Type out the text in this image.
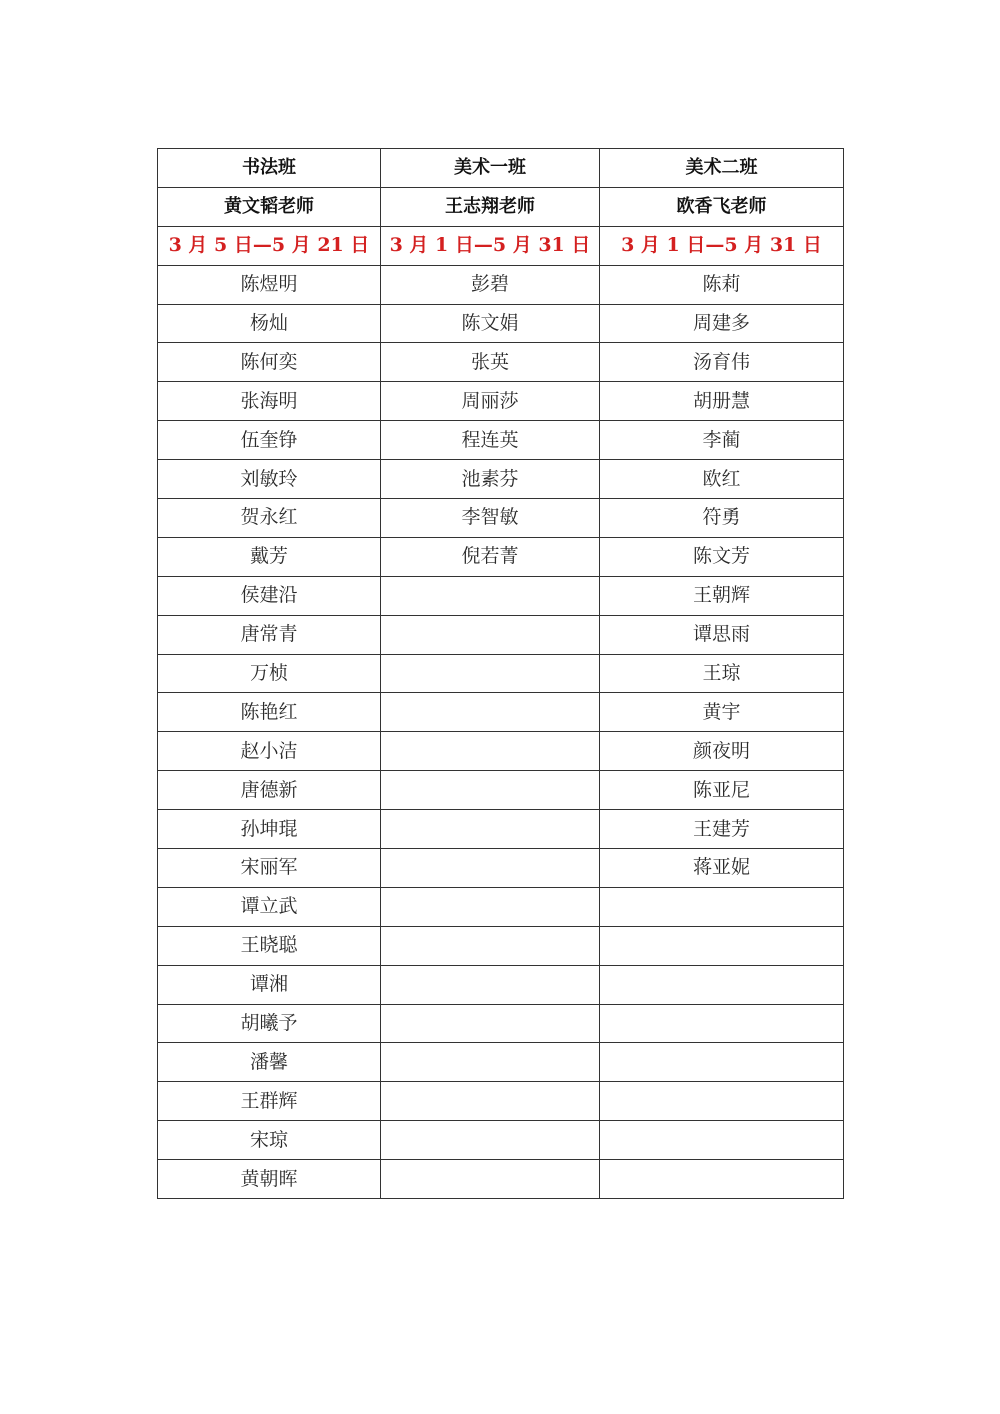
书法班	美术一班	美术二班
黄文韬老师	王志翔老师	欧香飞老师
3 月 5 日—5 月 21 日	3 月 1 日—5 月 31 日	3 月 1 日—5 月 31 日
陈煜明	彭碧	陈莉
杨灿	陈文娟	周建多
陈何奕	张英	汤育伟
张海明	周丽莎	胡册慧
伍奎铮	程连英	李蔺
刘敏玲	池素芬	欧红
贺永红	李智敏	符勇
戴芳	倪若菁	陈文芳
侯建沿		王朝辉
唐常青		谭思雨
万桢		王琼
陈艳红		黄宇
赵小洁		颜夜明
唐德新		陈亚尼
孙坤琨		王建芳
宋丽军		蒋亚妮
谭立武		
王晓聪		
谭湘		
胡曦予		
潘馨		
王群辉		
宋琼		
黄朝晖		
